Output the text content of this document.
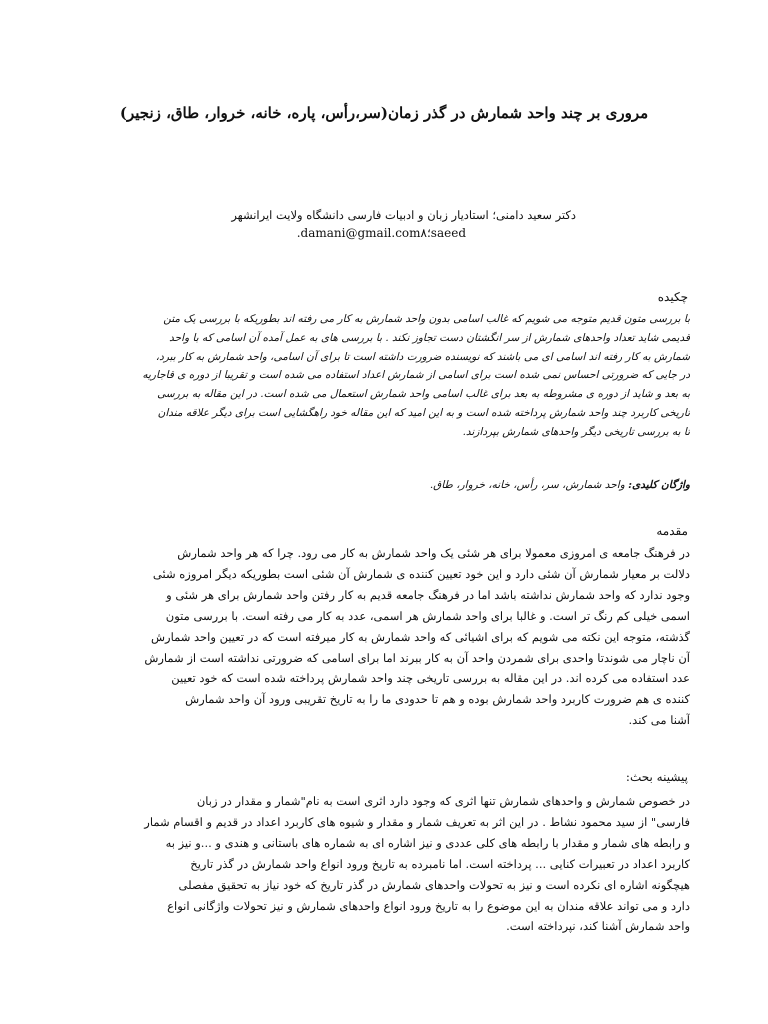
مروری بر چند واحد شمارش در گذر زمان(سر،رأس، پاره، خانه، خروار، طاق، زنجیر)
دکتر سعید دامنی؛ استادیار زبان و ادبیات فارسی دانشگاه ولایت ایرانشهر
.damani@gmail.com؛۸saeed
چکیده
با بررسی متون قدیم متوجه می شویم که غالب اسامی بدون واحد شمارش به کار می رفته اند بطوریکه با بررسی یک متن
قدیمی شاید تعداد واحدهای شمارش از سر انگشتان دست تجاوز نکند . با بررسی های به عمل آمده آن اسامی که با واحد
شمارش به کار رفته اند اسامی ای می باشند که نویسنده ضرورت داشته است تا برای آن اسامی، واحد شمارش به کار ببرد،
در جایی که ضرورتی احساس نمی شده است برای اسامی از شمارش اعداد استفاده می شده است و تقریبا از دوره ی قاجاریه
به بعد و شاید از دوره ی مشروطه به بعد برای غالب اسامی واحد شمارش استعمال می شده است. در این مقاله به بررسی
تاریخی کاربرد چند واحد شمارش پرداخته شده است و به این امید که این مقاله خود راهگشایی است برای دیگر علاقه مندان
تا به بررسی تاریخی دیگر واحدهای شمارش بپردازند.
واژگان کلیدی: واحد شمارش، سر، رأس، خانه، خروار، طاق.
مقدمه
در فرهنگ جامعه ی امروزی معمولا برای هر شئی یک واحد شمارش به کار می رود. چرا که هر واحد شمارش
دلالت بر معیار شمارش آن شئی دارد و این خود تعیین کننده ی شمارش آن شئی است بطوریکه دیگر امروزه شئی
وجود ندارد که واحد شمارش نداشته باشد اما در فرهنگ جامعه قدیم به کار رفتن واحد شمارش برای هر شئی و
اسمی خیلی کم رنگ تر است. و غالبا برای واحد شمارش هر اسمی، عدد به کار می رفته است. با بررسی متون
گذشته، متوجه این نکته می شویم که برای اشیائی که واحد شمارش به کار میرفته است که در تعیین واحد شمارش
آن ناچار می شوندتا واحدی برای شمردن واحد آن به کار ببرند اما برای اسامی که ضرورتی نداشته است از شمارش
عدد استفاده می کرده اند. در این مقاله به بررسی تاریخی چند واحد شمارش پرداخته شده است که خود تعیین
کننده ی هم ضرورت کاربرد واحد شمارش بوده و هم تا حدودی ما را به تاریخ تقریبی ورود آن واحد شمارش
آشنا می کند.
پیشینه بحث:
در خصوص شمارش و واحدهای شمارش تنها اثری که وجود دارد اثری است به نام"شمار و مقدار در زبان
فارسی" از سید محمود نشاط . در این اثر به تعریف شمار و مقدار و شیوه های کاربرد اعداد در قدیم و اقسام شمار
و رابطه های شمار و مقدار با رابطه های کلی عددی و نیز اشاره ای به شماره های باستانی و هندی و ...و نیز به
کاربرد اعداد در تعبیرات کنایی ... پرداخته است. اما نامبرده به تاریخ ورود انواع واحد شمارش در گذر تاریخ
هیچگونه اشاره ای نکرده است و نیز به تحولات واحدهای شمارش در گذر تاریخ که خود نیاز به تحقیق مفصلی
دارد و می تواند علاقه مندان به این موضوع را به تاریخ ورود انواع واحدهای شمارش و نیز تحولات واژگانی انواع
واحد شمارش آشنا کند، نپرداخته است.
